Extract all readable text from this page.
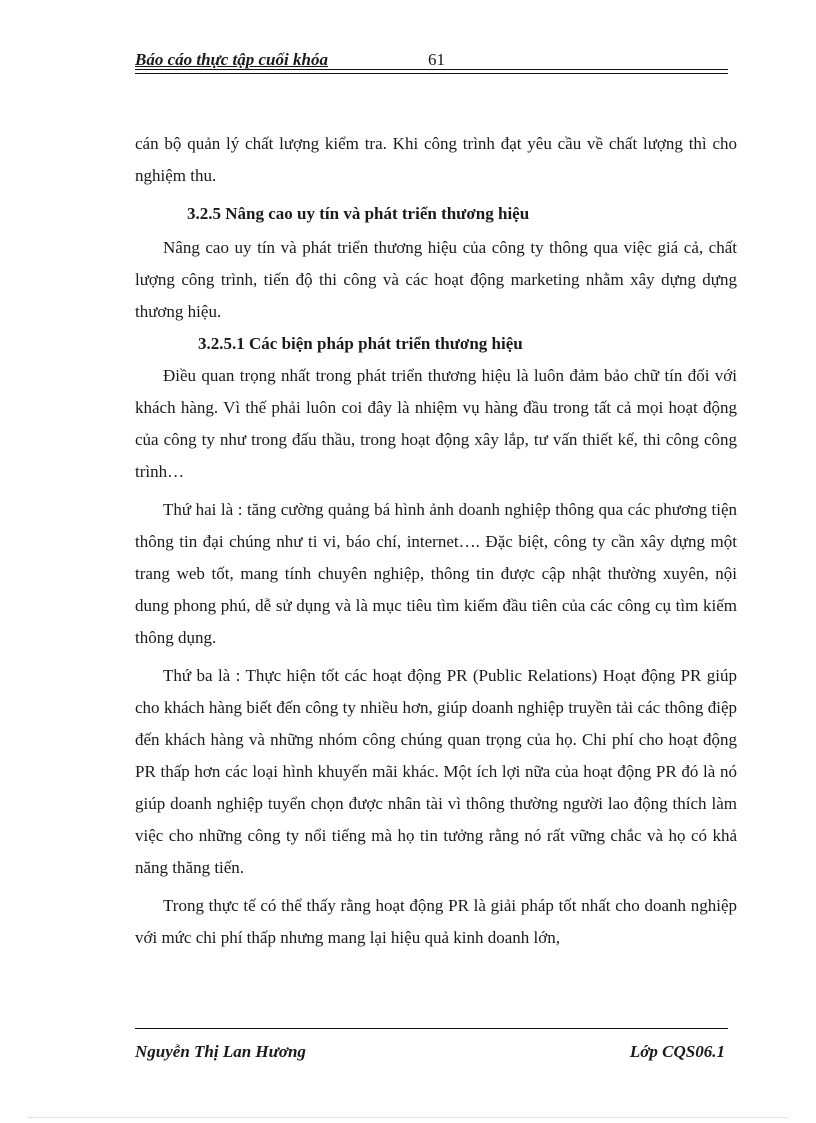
Báo cáo thực tập cuối khóa	61

cán bộ quản lý chất lượng kiểm tra. Khi công trình đạt yêu cầu về chất lượng thì cho nghiệm thu.

3.2.5 Nâng cao uy tín và phát triển thương hiệu

Nâng cao uy tín và phát triển thương hiệu của công ty thông qua việc giá cả, chất lượng công trình, tiến độ thi công và các hoạt động marketing nhằm xây dựng dựng thương hiệu.

3.2.5.1 Các biện pháp phát triển thương hiệu

Điều quan trọng nhất trong phát triển thương hiệu là luôn đảm bảo chữ tín đối với khách hàng. Vì thế phải luôn coi đây là nhiệm vụ hàng đầu trong tất cả mọi hoạt động của công ty như trong đấu thầu, trong hoạt động xây lắp, tư vấn thiết kế, thi công công trình…

Thứ hai là : tăng cường quảng bá hình ảnh doanh nghiệp thông qua các phương tiện thông tin đại chúng như ti vi, báo chí, internet…. Đặc biệt, công ty cần xây dựng một trang web tốt, mang tính chuyên nghiệp, thông tin được cập nhật thường xuyên, nội dung phong phú, dễ sử dụng và là mục tiêu tìm kiếm đầu tiên của các công cụ tìm kiếm thông dụng.

Thứ ba là : Thực hiện tốt các hoạt động PR (Public Relations) Hoạt động PR giúp cho khách hàng biết đến công ty nhiều hơn, giúp doanh nghiệp truyền tải các thông điệp đến khách hàng và những nhóm công chúng quan trọng của họ. Chi phí cho hoạt động PR thấp hơn các loại hình khuyến mãi khác. Một ích lợi nữa của hoạt động PR đó là nó giúp doanh nghiệp tuyển chọn được nhân tài vì thông thường người lao động thích làm việc cho những công ty nổi tiếng mà họ tin tưởng rằng nó rất vững chắc và họ có khả năng thăng tiến.

Trong thực tế có thể thấy rằng hoạt động PR là giải pháp tốt nhất cho doanh nghiệp với mức chi phí thấp nhưng mang lại hiệu quả kinh doanh lớn,

Nguyễn Thị Lan Hương	Lớp CQS06.1
